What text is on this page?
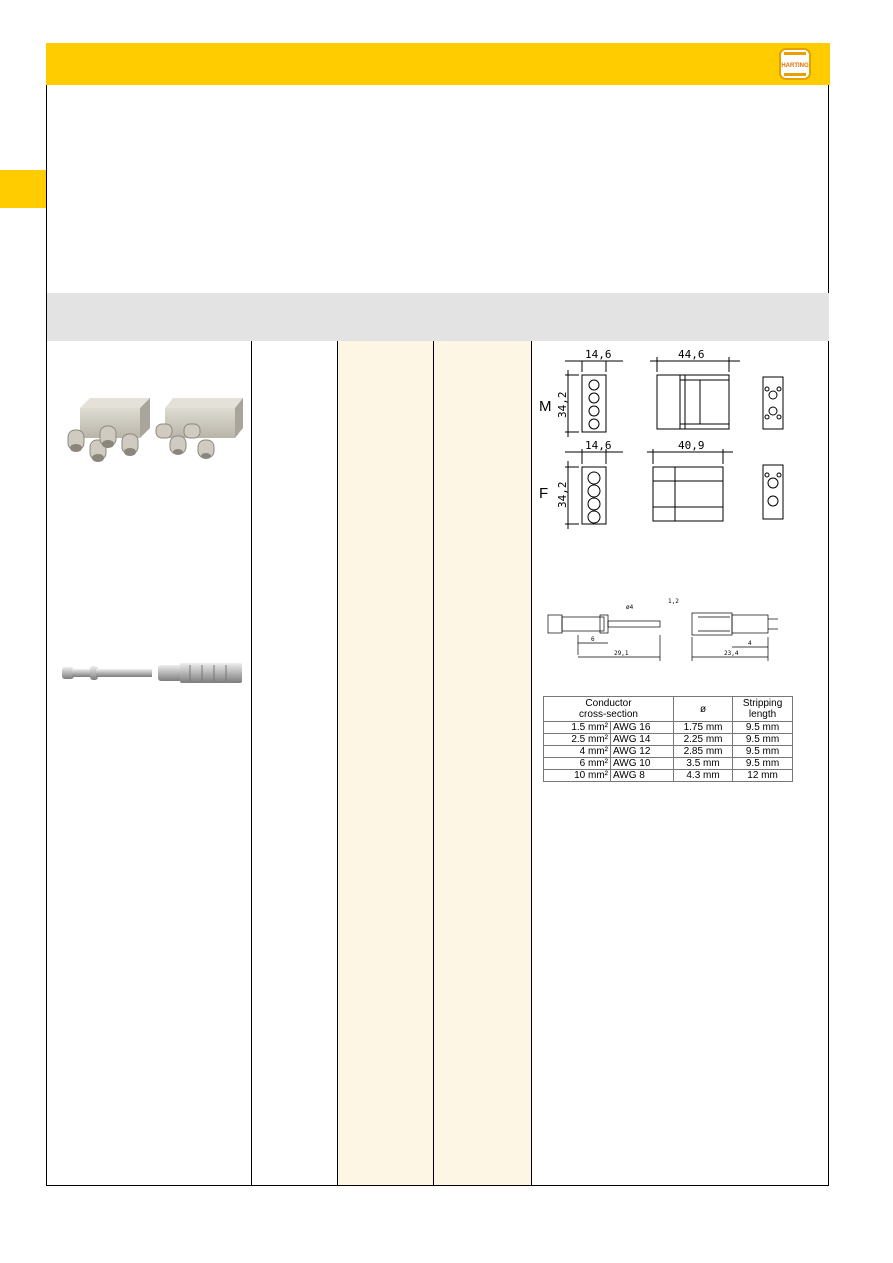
HARTING
M
F
14,6	44,6
34,2
14,6	40,9
34,2
ø4
1,2
6
29,1
4
23,4
Conductor
cross-section		ø	Stripping
length
1.5 mm²	AWG 16	1.75 mm	9.5 mm
2.5 mm²	AWG 14	2.25 mm	9.5 mm
4 mm²	AWG 12	2.85 mm	9.5 mm
6 mm²	AWG 10	3.5 mm	9.5 mm
10 mm²	AWG 8	4.3 mm	12 mm
